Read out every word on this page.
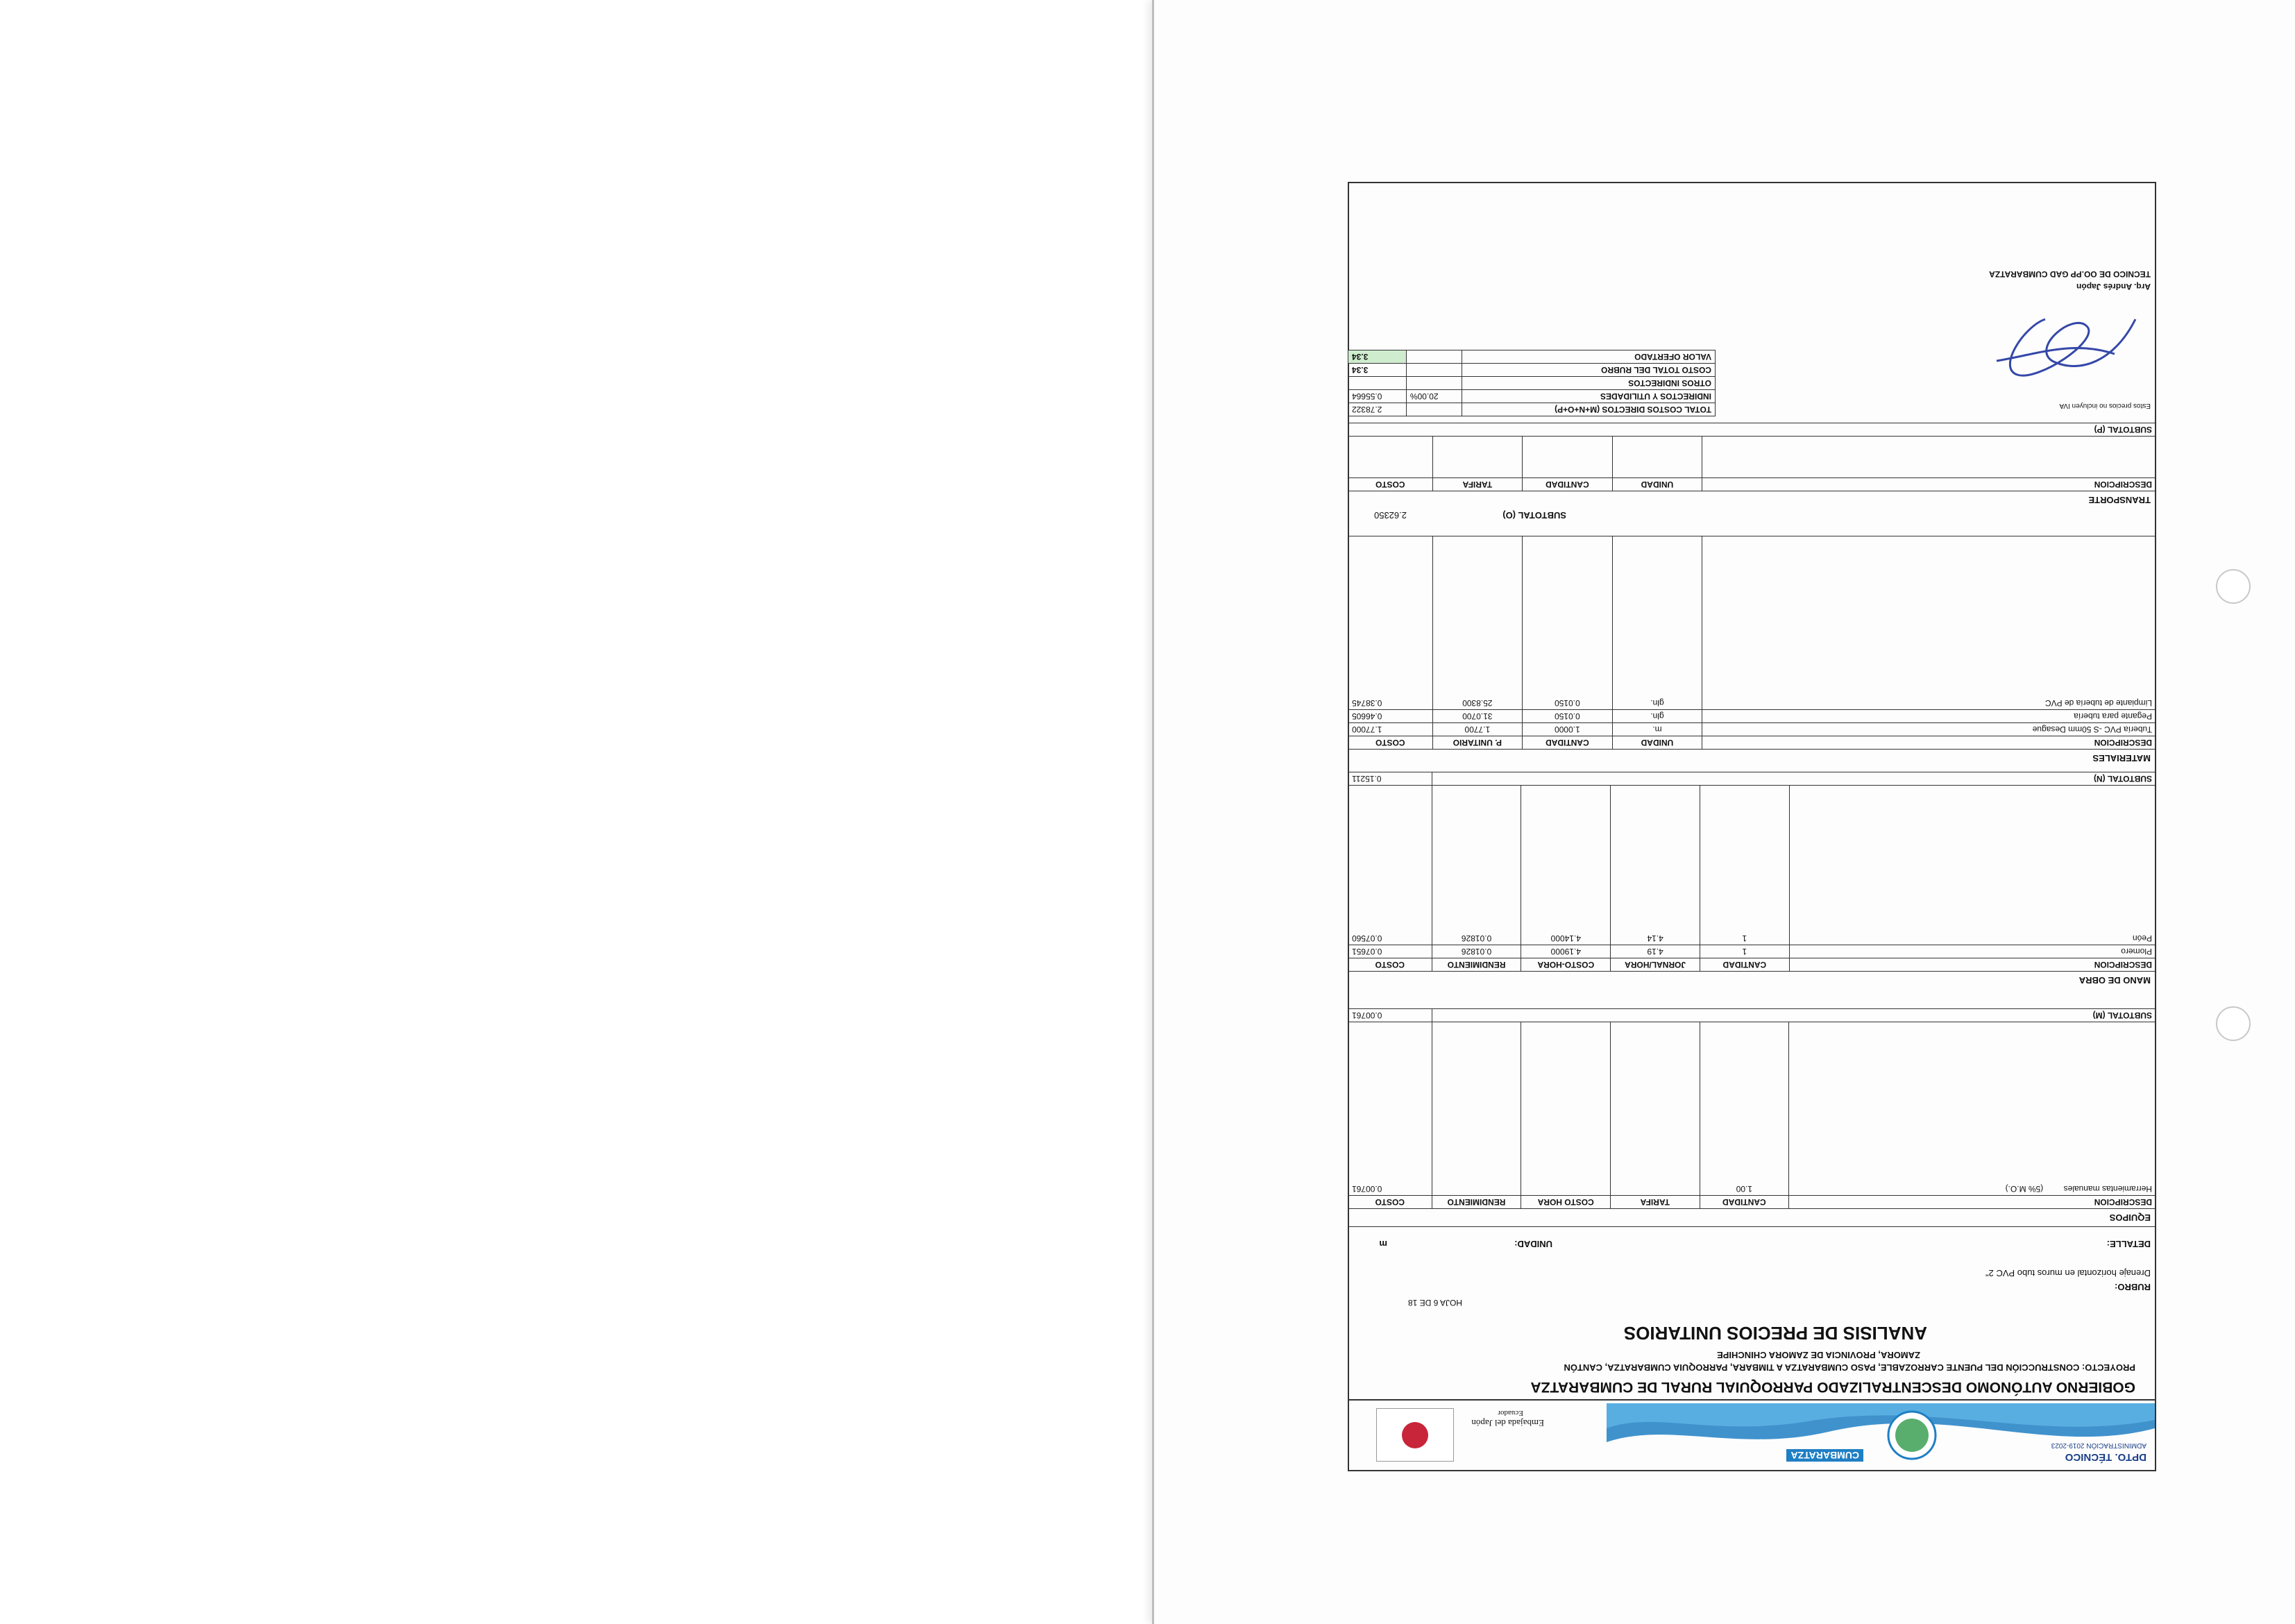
DPTO. TÉCNICO
ADMINISTRACIÓN 2019-2023
CUMBARATZA
Embajada del Japón
Ecuador
GOBIERNO AUTÓNOMO DESCENTRALIZADO PARROQUIAL RURAL DE CUMBARATZA
PROYECTO: CONSTRUCCIÓN DEL PUENTE CARROZABLE, PASO CUMBARATZA A TIMBARA, PARROQUIA CUMBARATZA, CANTÓN
ZAMORA, PROVINCIA DE ZAMORA CHINCHIPE
ANALISIS DE PRECIOS UNITARIOS
RUBRO:
HOJA 6 DE 18
Drenaje horizontal en muros tubo PVC 2"
DETALLE:
UNIDAD:
m
EQUIPOS
DESCRIPCION	CANTIDAD	TARIFA	COSTO HORA	RENDIMIENTO	COSTO
Herramientas manuales (5% M.O.)	1.00				0.00761
SUBTOTAL (M)					0.00761
MANO DE OBRA
DESCRIPCION	CANTIDAD	JORNAL/HORA	COSTO-HORA	RENDIMIENTO	COSTO
Plomero	1	4.19	4.19000	0.01826	0.07651
Peón	1	4.14	4.14000	0.01826	0.07560
SUBTOTAL (N)					0.15211
MATERIALES
DESCRIPCION	UNIDAD	CANTIDAD	P. UNITARIO	COSTO
Tubería PVC -S 50mm Desague	m.	1.0000	1.7700	1.77000
Pegante para tubería	gln.	0.0150	31.0700	0.46605
Limpiante de tubería de PVC	gln.	0.0150	25.8300	0.38745
SUBTOTAL (O)
2.62350
TRANSPORTE
DESCRIPCION	UNIDAD	CANTIDAD	TARIFA	COSTO

SUBTOTAL (P)				
Estos precios no incluyen IVA
TOTAL COSTOS DIRECTOS (M+N+O+P)		2.78322
INDIRECTOS Y UTILIDADES	20.00%	0.55664
OTROS INDIRECTOS		
COSTO TOTAL DEL RUBRO		3.34
VALOR OFERTADO		3.34
Arq. Andrés Japón
TECNICO DE OO.PP GAD CUMBARATZA
